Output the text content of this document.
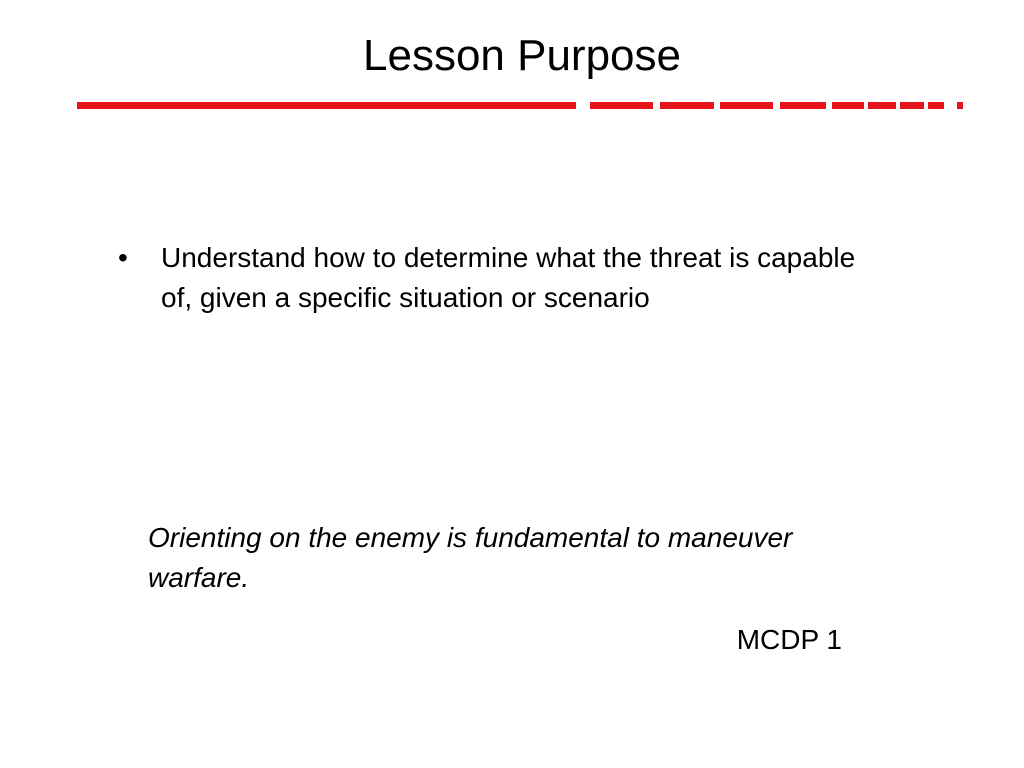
Lesson Purpose
•	Understand how to determine what the threat is capable of, given a specific situation or scenario

Orienting on the enemy is fundamental to maneuver warfare.

MCDP 1
